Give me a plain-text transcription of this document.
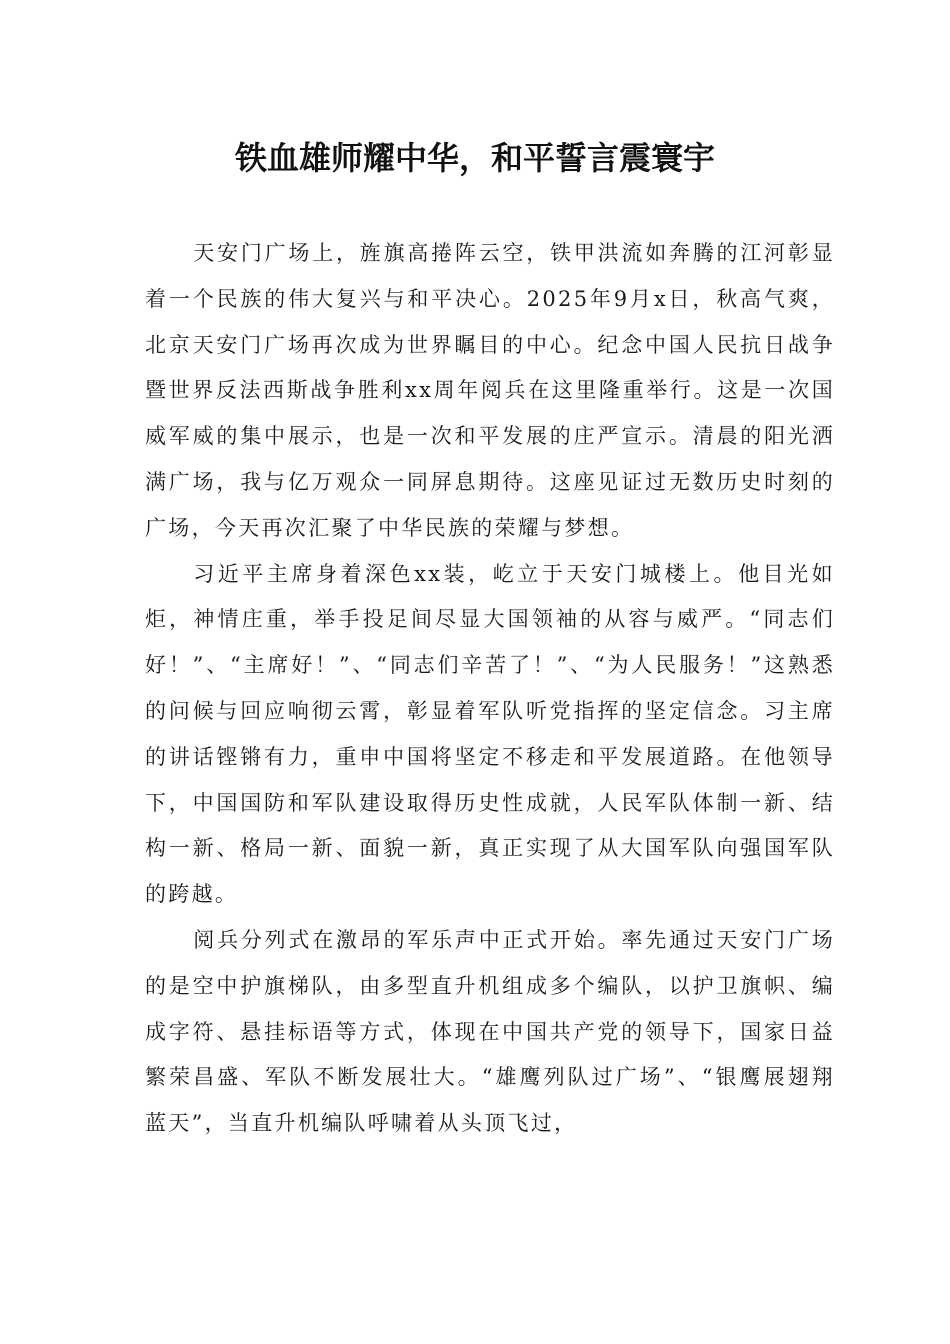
铁血雄师耀中华，和平誓言震寰宇

天安门广场上，旌旗高捲阵云空，铁甲洪流如奔腾的江河彰显着一个民族的伟大复兴与和平决心。2025年9月x日，秋高气爽，北京天安门广场再次成为世界瞩目的中心。纪念中国人民抗日战争暨世界反法西斯战争胜利xx周年阅兵在这里隆重举行。这是一次国威军威的集中展示，也是一次和平发展的庄严宣示。清晨的阳光洒满广场，我与亿万观众一同屏息期待。这座见证过无数历史时刻的广场，今天再次汇聚了中华民族的荣耀与梦想。

习近平主席身着深色xx装，屹立于天安门城楼上。他目光如炬，神情庄重，举手投足间尽显大国领袖的从容与威严。“同志们好！”、“主席好！”、“同志们辛苦了！”、“为人民服务！”这熟悉的问候与回应响彻云霄，彰显着军队听党指挥的坚定信念。习主席的讲话铿锵有力，重申中国将坚定不移走和平发展道路。在他领导下，中国国防和军队建设取得历史性成就，人民军队体制一新、结构一新、格局一新、面貌一新，真正实现了从大国军队向强国军队的跨越。

阅兵分列式在激昂的军乐声中正式开始。率先通过天安门广场的是空中护旗梯队，由多型直升机组成多个编队，以护卫旗帜、编成字符、悬挂标语等方式，体现在中国共产党的领导下，国家日益繁荣昌盛、军队不断发展壮大。“雄鹰列队过广场”、“银鹰展翅翔蓝天”，当直升机编队呼啸着从头顶飞过，
